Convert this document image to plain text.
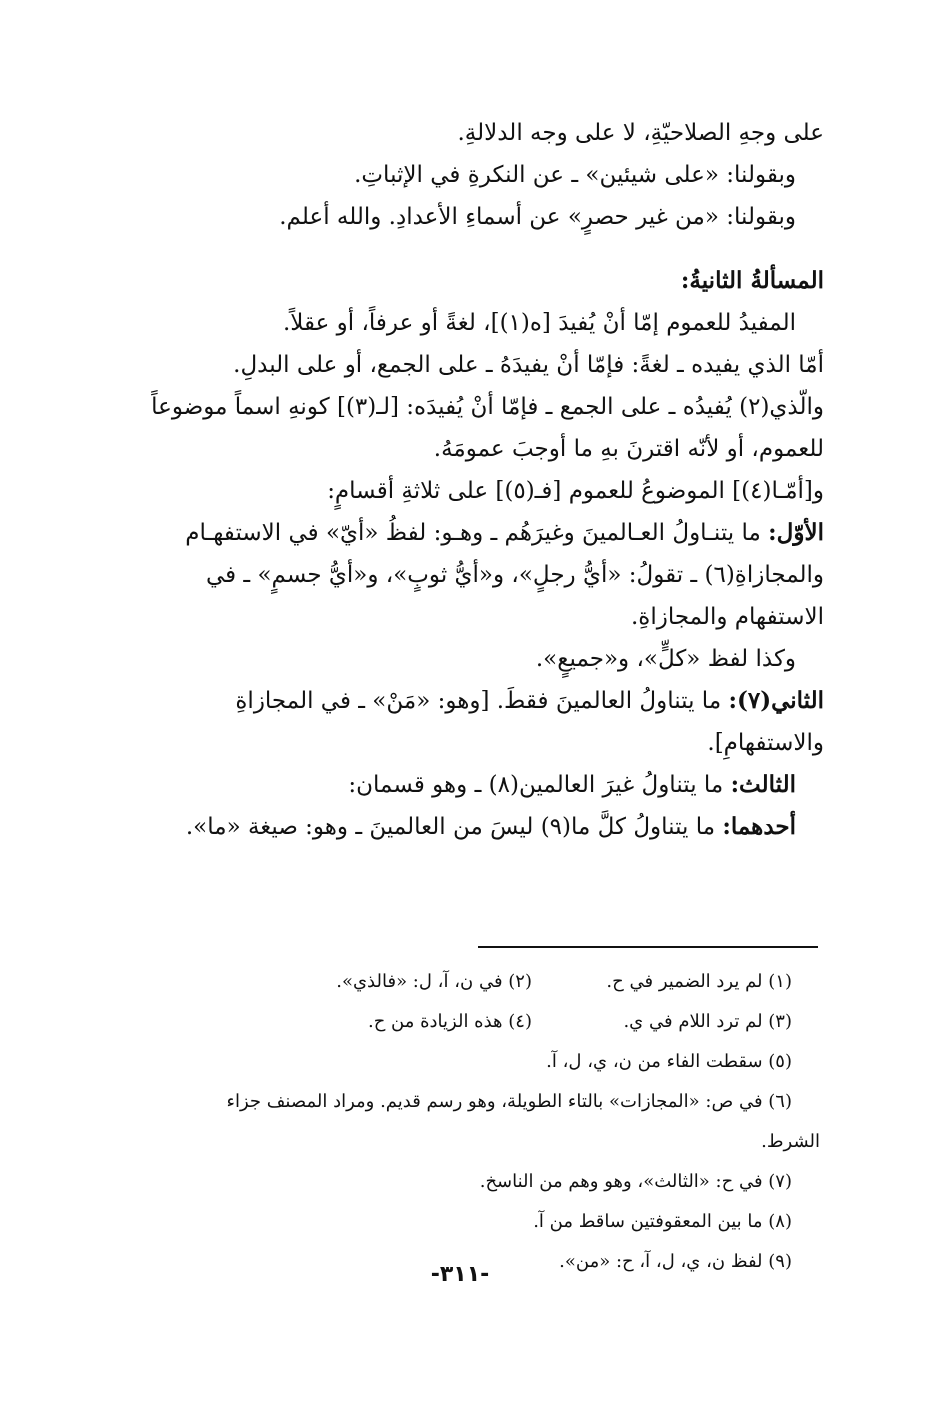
على وجهِ الصلاحيّةِ، لا على وجه الدلالةِ.

وبقولنا: «على شيئين» ـ عن النكرةِ في الإثباتِ.

وبقولنا: «من غير حصرٍ» عن أسماءِ الأعدادِ. والله أعلم.

المسألةُ الثانيةُ:

المفيدُ للعموم إمّا أنْ يُفيدَ [ه(١)]، لغةً أو عرفاً، أو عقلاً.

أمّا الذي يفيده ـ لغةً: فإمّا أنْ يفيدَهُ ـ على الجمع، أو على البدلِ.

والّذي(٢) يُفيدُه ـ على الجمع ـ فإمّا أنْ يُفيدَه: [لـ(٣)] كونهِ اسماً موضوعاً للعموم، أو لأنّه اقترنَ بهِ ما أوجبَ عمومَهُ.

و[أمّـا(٤)] الموضوعُ للعموم [فـ(٥)] على ثلاثةِ أقسامٍ:

الأوّل: ما يتنـاولُ العـالمينَ وغيرَهُم ـ وهـو: لفظُ «أيّ» في الاستفهـام والمجازاةِ(٦) ـ تقولُ: «أيُّ رجلٍ»، و«أيُّ ثوبٍ»، و«أيُّ جسمٍ» ـ في الاستفهام والمجازاةِ.

وكذا لفظ «كلٍّ»، و«جميعٍ».

الثاني(٧): ما يتناولُ العالمينَ فقطَ. [وهو: «مَنْ» ـ في المجازاةِ والاستفهامِ].

الثالث: ما يتناولُ غيرَ العالمين(٨) ـ وهو قسمان:

أحدهما: ما يتناولُ كلَّ ما(٩) ليسَ من العالمينَ ـ وهو: صيغة «ما».

(١) لم يرد الضمير في ح.
(٢) في ن، آ، ل: «فالذي».
(٣) لم ترد اللام في ي.
(٤) هذه الزيادة من ح.
(٥) سقطت الفاء من ن، ي، ل، آ.
(٦) في ص: «المجازات» بالتاء الطويلة، وهو رسم قديم. ومراد المصنف جزاء
الشرط.
(٧) في ح: «الثالث»، وهو وهم من الناسخ.
(٨) ما بين المعقوفتين ساقط من آ.
(٩) لفظ ن، ي، ل، آ، ح: «من».
-٣١١-
